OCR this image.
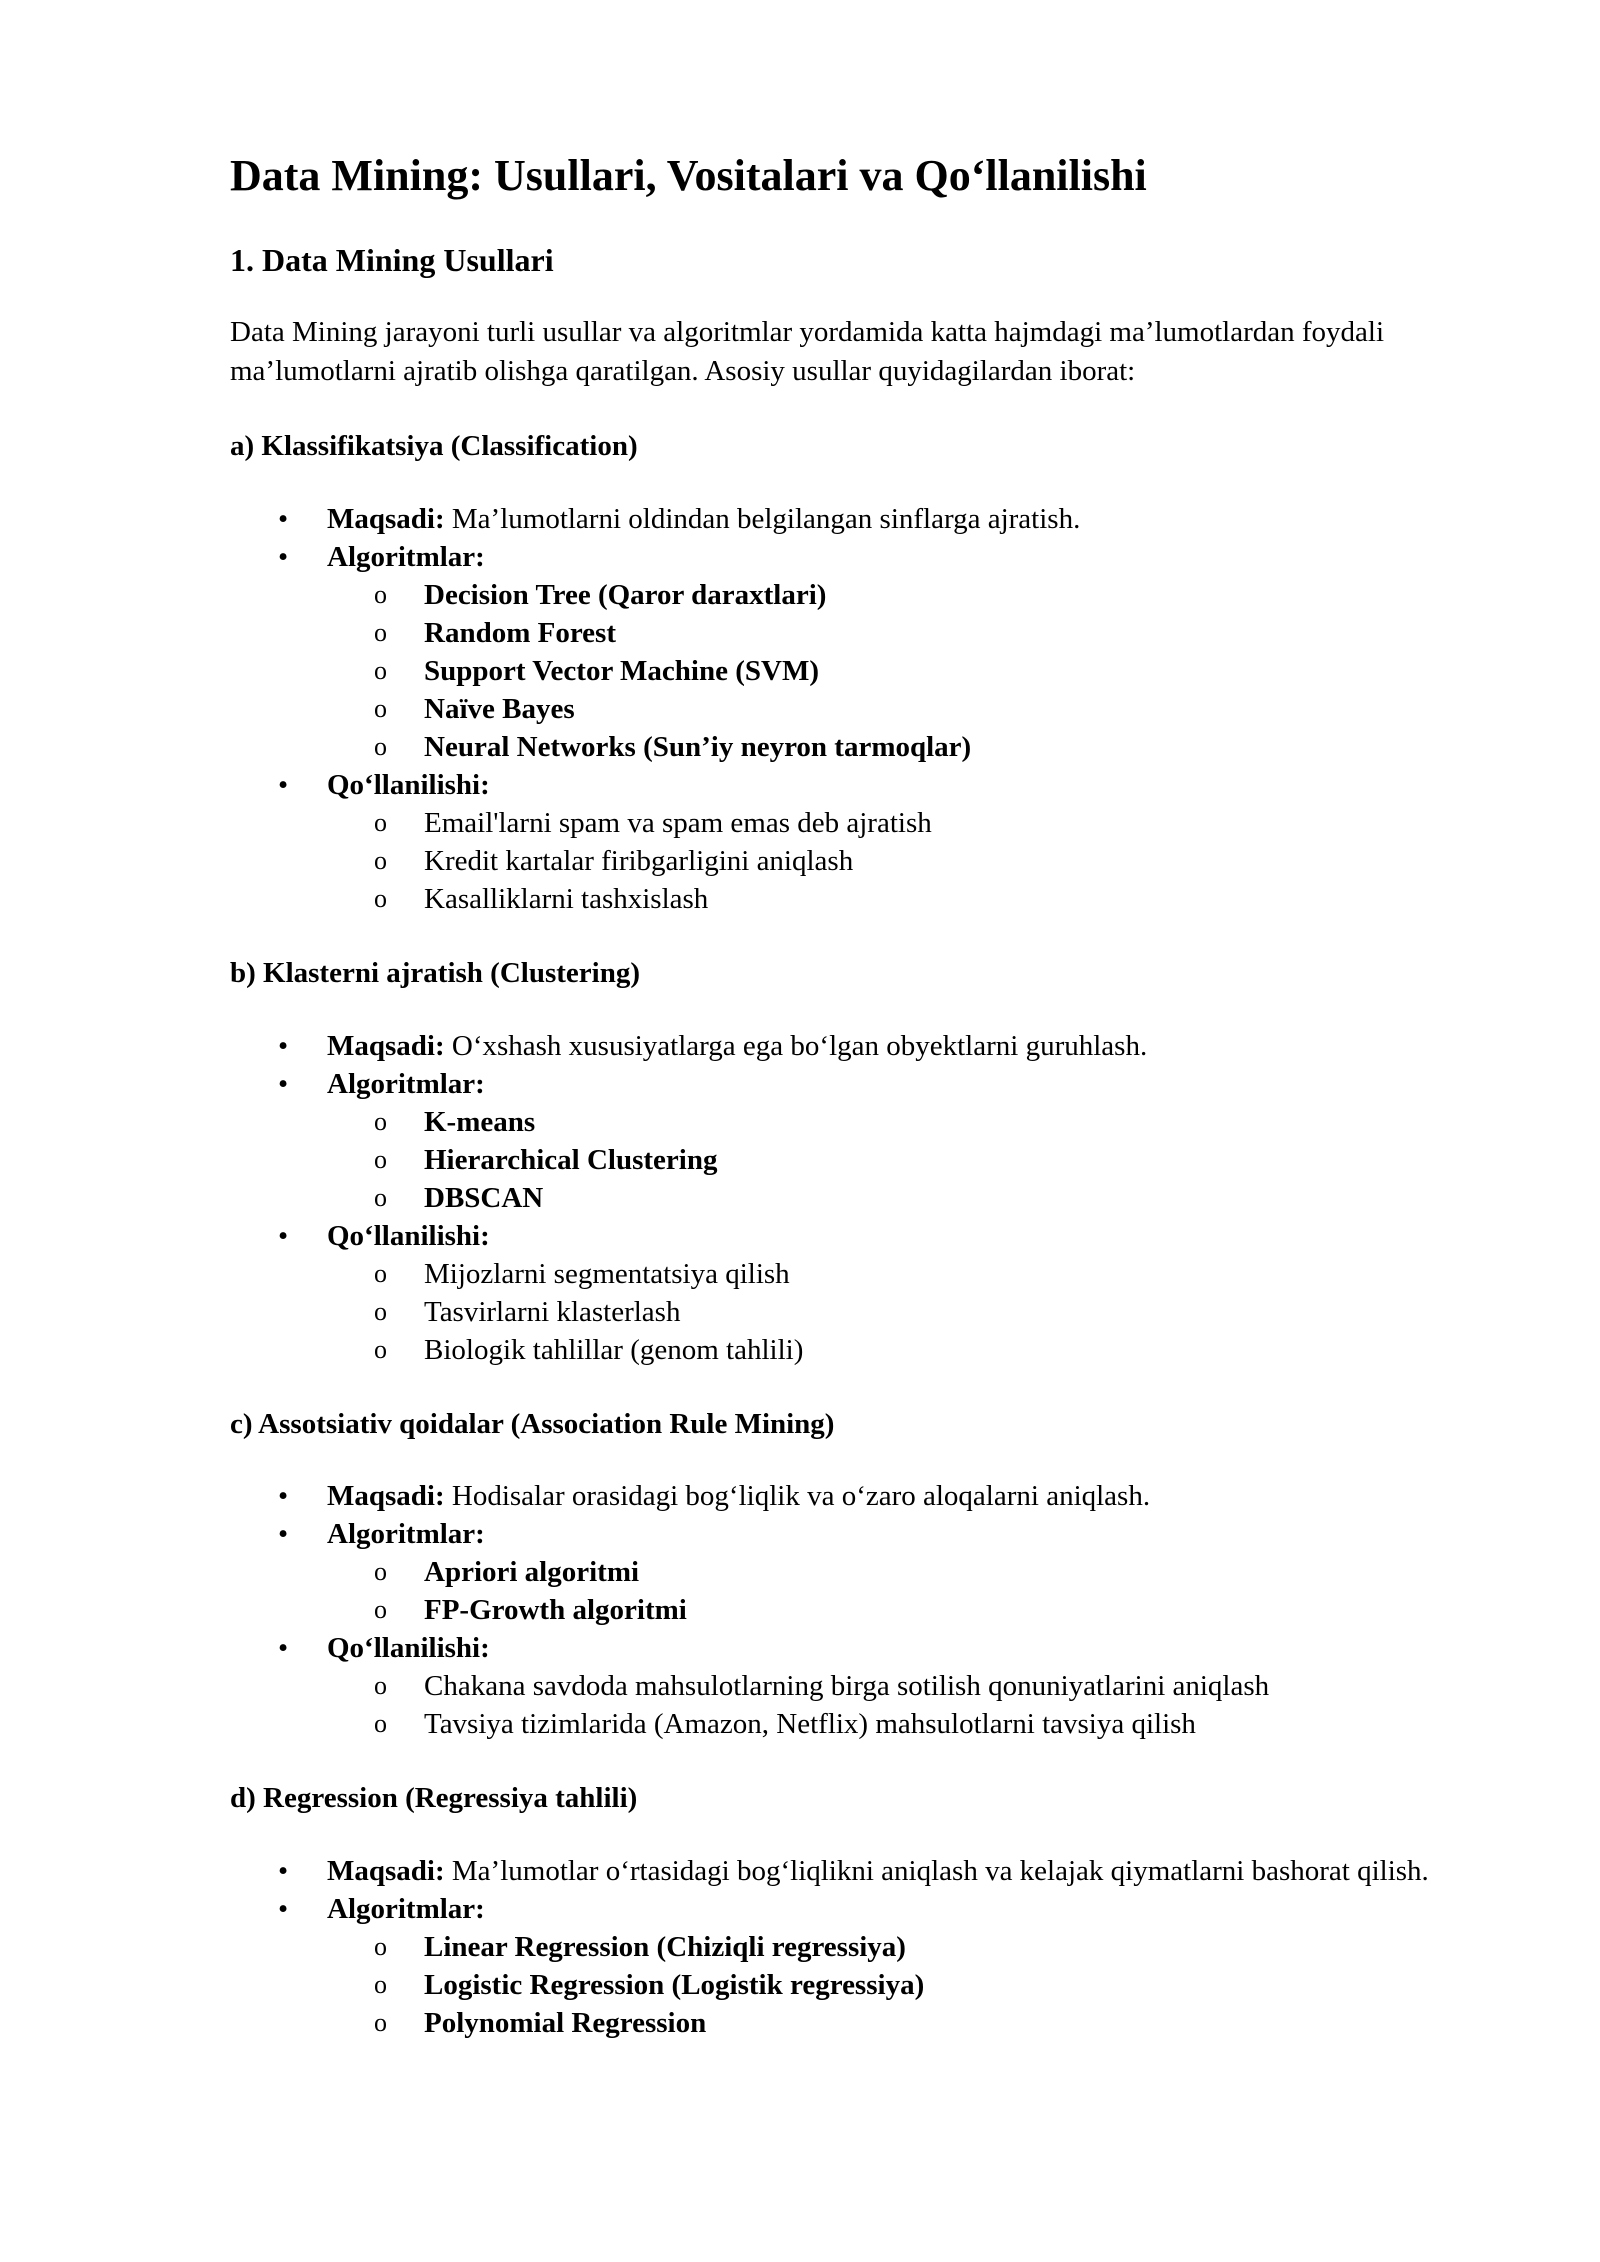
Data Mining: Usullari, Vositalari va Qo‘llanilishi
1. Data Mining Usullari

Data Mining jarayoni turli usullar va algoritmlar yordamida katta hajmdagi ma’lumotlardan foydali ma’lumotlarni ajratib olishga qaratilgan. Asosiy usullar quyidagilardan iborat:

a) Klassifikatsiya (Classification)
• Maqsadi: Ma’lumotlarni oldindan belgilangan sinflarga ajratish.
• Algoritmlar:
o Decision Tree (Qaror daraxtlari)
o Random Forest
o Support Vector Machine (SVM)
o Naïve Bayes
o Neural Networks (Sun’iy neyron tarmoqlar)
• Qo‘llanilishi:
o Email'larni spam va spam emas deb ajratish
o Kredit kartalar firibgarligini aniqlash
o Kasalliklarni tashxislash
b) Klasterni ajratish (Clustering)
• Maqsadi: O‘xshash xususiyatlarga ega bo‘lgan obyektlarni guruhlash.
• Algoritmlar:
o K-means
o Hierarchical Clustering
o DBSCAN
• Qo‘llanilishi:
o Mijozlarni segmentatsiya qilish
o Tasvirlarni klasterlash
o Biologik tahlillar (genom tahlili)
c) Assotsiativ qoidalar (Association Rule Mining)
• Maqsadi: Hodisalar orasidagi bog‘liqlik va o‘zaro aloqalarni aniqlash.
• Algoritmlar:
o Apriori algoritmi
o FP-Growth algoritmi
• Qo‘llanilishi:
o Chakana savdoda mahsulotlarning birga sotilish qonuniyatlarini aniqlash
o Tavsiya tizimlarida (Amazon, Netflix) mahsulotlarni tavsiya qilish
d) Regression (Regressiya tahlili)
• Maqsadi: Ma’lumotlar o‘rtasidagi bog‘liqlikni aniqlash va kelajak qiymatlarni bashorat qilish.
• Algoritmlar:
o Linear Regression (Chiziqli regressiya)
o Logistic Regression (Logistik regressiya)
o Polynomial Regression
